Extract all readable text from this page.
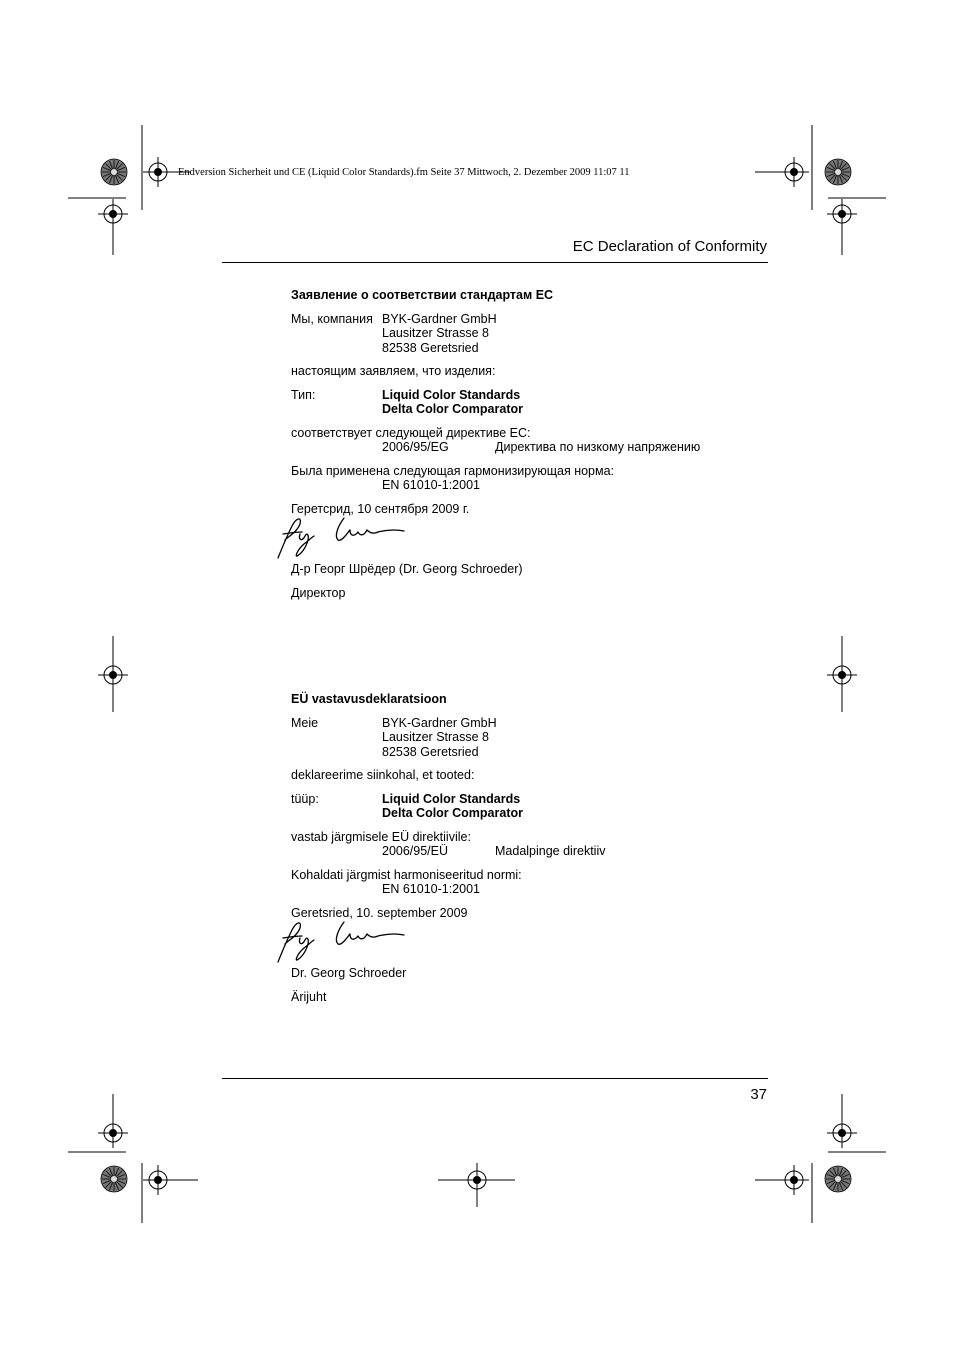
Endversion Sicherheit und CE (Liquid Color Standards).fm Seite 37 Mittwoch, 2. Dezember 2009 11:07 11
EC Declaration of Conformity

Заявление о соответствии стандартам ЕС

Мы, компания BYK-Gardner GmbH
Lausitzer Strasse 8
82538 Geretsried

настоящим заявляем, что изделия:

Тип:	Liquid Color Standards
Delta Color Comparator

соответствует следующей директиве ЕС:

2006/95/EG	Директива по низкому напряжению

Была применена следующая гармонизирующая норма:

EN 61010-1:2001

Геретсрид, 10 сентября 2009 г.

Д-р Георг Шрёдер (Dr. Georg Schroeder)

Директор

EÜ vastavusdeklaratsioon

Meie	BYK-Gardner GmbH
Lausitzer Strasse 8
82538 Geretsried

deklareerime siinkohal, et tooted:

tüüp:	Liquid Color Standards
Delta Color Comparator

vastab järgmisele EÜ direktiivile:

2006/95/EÜ	Madalpinge direktiiv

Kohaldati järgmist harmoniseeritud normi:

EN 61010-1:2001

Geretsried, 10. september 2009

Dr. Georg Schroeder

Ärijuht

37
